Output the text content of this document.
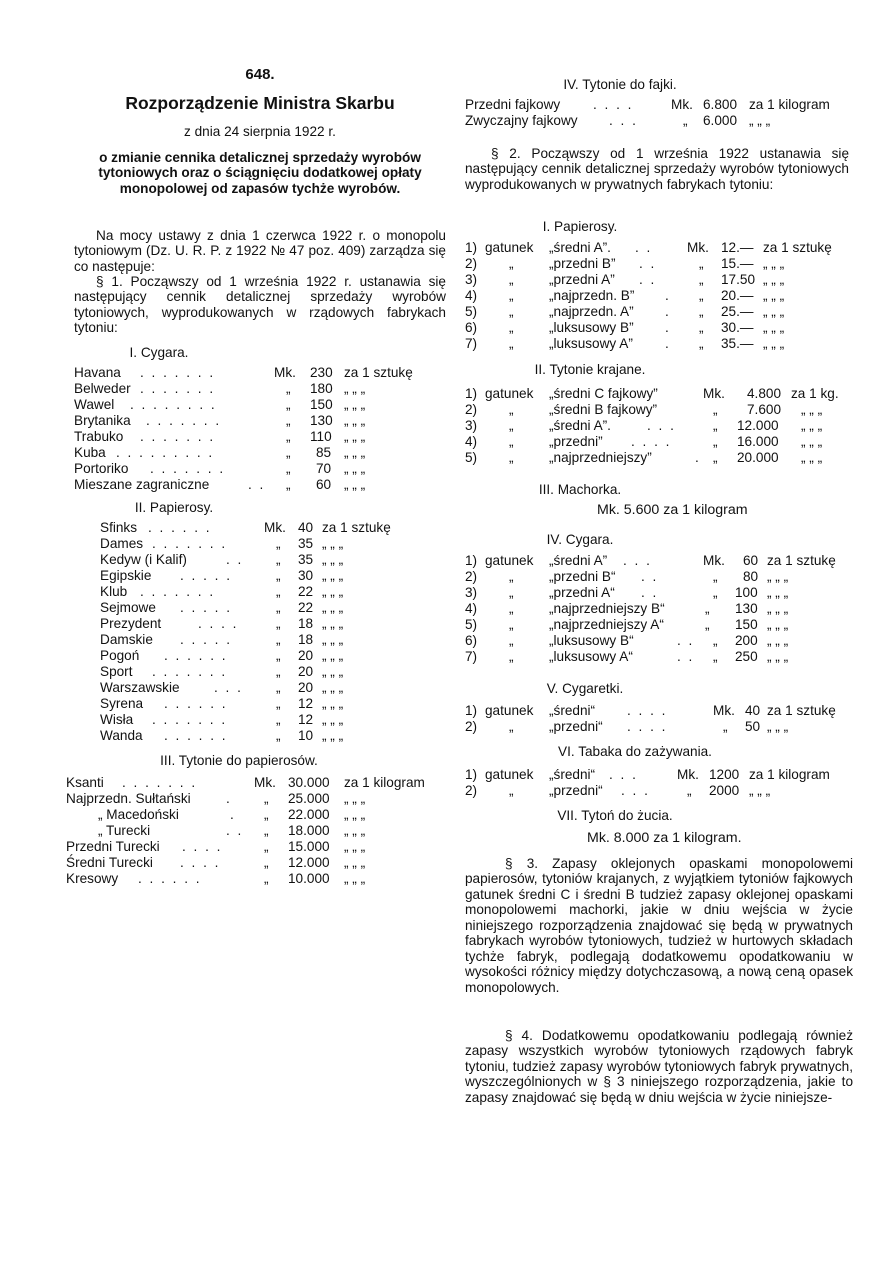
648.
Rozporządzenie Ministra Skarbu
z dnia 24 sierpnia 1922 r.
o zmianie cennika detalicznej sprzedaży wyrobów tytoniowych oraz o ściągnięciu dodatkowej opłaty monopolowej od zapasów tychże wyrobów.
Na mocy ustawy z dnia 1 czerwca 1922 r. o monopolu tytoniowym (Dz. U. R. P. z 1922 № 47 poz. 409) zarządza się co następuje:
§ 1. Począwszy od 1 września 1922 r. ustanawia się następujący cennik detalicznej sprzedaży wyrobów tytoniowych, wyprodukowanych w rządowych fabrykach tytoniu:
I. Cygara.
Havana . . . . . . .	Mk. 230 za 1 sztukę
Belweder . . . . . . .	„ 180 „ „ „
Wawel . . . . . . . .	„ 150 „ „ „
Brytanika . . . . . . .	„ 130 „ „ „
Trabuko . . . . . . .	„ 110 „ „ „
Kuba . . . . . . . . .	„ 85 „ „ „
Portoriko . . . . . . .	„ 70 „ „ „
Mieszane zagraniczne	. . „ 60 „ „ „
II. Papierosy.
Sfinks . . . . . .	Mk. 40 za 1 sztukę
Dames . . . . . . .	„ 35 „ „ „
Kedyw (i Kalif)	. . „ 35 „ „ „
Egipskie . . . . .	„ 30 „ „ „
Klub . . . . . . .	„ 22 „ „ „
Sejmowe . . . . .	„ 22 „ „ „
Prezydent	. . . .	„ 18 „ „ „
Damskie . . . . .	„ 18 „ „ „
Pogoń . . . . . .	„ 20 „ „ „
Sport . . . . . . .	„ 20 „ „ „
Warszawskie	. . . „ 20 „ „ „
Syrena . . . . . .	„ 12 „ „ „
Wisła . . . . . . .	„ 12 „ „ „
Wanda . . . . . .	„ 10 „ „ „
III. Tytonie do papierosów.
Ksanti . . . . . . .	Mk. 30.000 za 1 kilogram
Najprzedn. Sułtański	. „ 25.000 „ „ „
„ Macedoński	. „ 22.000 „ „ „
„ Turecki	. . „ 18.000 „ „ „
Przedni Turecki . . . .	„ 15.000 „ „ „
Średni Turecki . . . .	„ 12.000 „ „ „
Kresowy . . . . . .	„ 10.000 „ „ „
IV. Tytonie do fajki.
Przedni fajkowy . . . .	Mk. 6.800 za 1 kilogram
Zwyczajny fajkowy . . .	„ 6.000 „ „ „
§ 2. Począwszy od 1 września 1922 ustanawia się następujący cennik detalicznej sprzedaży wyrobów tytoniowych wyprodukowanych w prywatnych fabrykach tytoniu:
I. Papierosy.
1) gatunek „średni A”. . .	Mk. 12.— za 1 sztukę
2) „	„przedni B” . .	„ 15.— „ „ „
3) „	„przedni A” . .	„ 17.50 „ „ „
4) „	„najprzedn. B” . „ 20.— „ „ „
5) „	„najprzedn. A” . „ 25.— „ „ „
6) „	„luksusowy B” . „ 30.— „ „ „
7) „	„luksusowy A” . „ 35.— „ „ „
II. Tytonie krajane.
1) gatunek „średni C fajkowy”	Mk. 4.800 za 1 kg.
2) „	„średni B fajkowy”	„ 7.600 „ „ „
3) „	„średni A”.	. . .	„ 12.000 „ „ „
4) „	„przedni” . . . .	„ 16.000 „ „ „
5) „	„najprzedniejszy”	. „ 20.000 „ „ „
III. Machorka.
Mk. 5.600 za 1 kilogram
IV. Cygara.
1) gatunek „średni A” . . .	Mk. 60 za 1 sztukę
2) „	„przedni B“ . .	„ 80 „ „ „
3) „	„przedni A“ . .	„ 100 „ „ „
4) „	„najprzedniejszy B“	„ 130 „ „ „
5) „	„najprzedniejszy A“	„ 150 „ „ „
6) „	„luksusowy B“	. . „ 200 „ „ „
7) „	„luksusowy A“	. . „ 250 „ „ „
V. Cygaretki.
1) gatunek „średni“ . . . .	Mk. 40 za 1 sztukę
2) „	„przedni“ . . . .	„ 50 „ „ „
VI. Tabaka do zażywania.
1) gatunek „średni“ . . .	Mk. 1200 za 1 kilogram
2) „	„przedni“ . . .	„ 2000 „ „ „
VII. Tytoń do żucia.
Mk. 8.000 za 1 kilogram.
§ 3. Zapasy oklejonych opaskami monopolowemi papierosów, tytoniów krajanych, z wyjątkiem tytoniów fajkowych gatunek średni C i średni B tudzież zapasy oklejonej opaskami monopolowemi machorki, jakie w dniu wejścia w życie niniejszego rozporządzenia znajdować się będą w prywatnych fabrykach wyrobów tytoniowych, tudzież w hurtowych składach tychże fabryk, podlegają dodatkowemu opodatkowaniu w wysokości różnicy między dotychczasową, a nową ceną opasek monopolowych.
§ 4. Dodatkowemu opodatkowaniu podlegają również zapasy wszystkich wyrobów tytoniowych rządowych fabryk tytoniu, tudzież zapasy wyrobów tytoniowych fabryk prywatnych, wyszczególnionych w § 3 niniejszego rozporządzenia, jakie to zapasy znajdować się będą w dniu wejścia w życie niniejsze-
